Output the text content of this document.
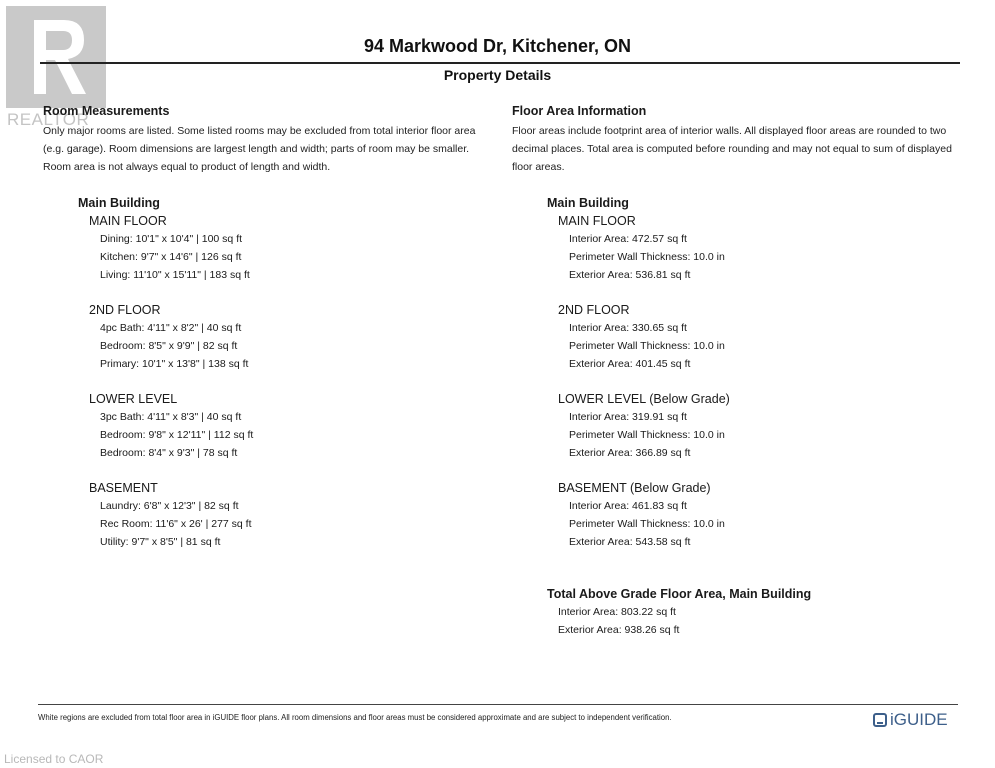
REALTOR
94 Markwood Dr, Kitchener, ON
Property Details
Room Measurements
Only major rooms are listed. Some listed rooms may be excluded from total interior floor area (e.g. garage). Room dimensions are largest length and width; parts of room may be smaller. Room area is not always equal to product of length and width.
Main Building
MAIN FLOOR
Dining: 10'1" x 10'4" | 100 sq ft
Kitchen: 9'7" x 14'6" | 126 sq ft
Living: 11'10" x 15'11" | 183 sq ft
2ND FLOOR
4pc Bath: 4'11" x 8'2" | 40 sq ft
Bedroom: 8'5" x 9'9" | 82 sq ft
Primary: 10'1" x 13'8" | 138 sq ft
LOWER LEVEL
3pc Bath: 4'11" x 8'3" | 40 sq ft
Bedroom: 9'8" x 12'11" | 112 sq ft
Bedroom: 8'4" x 9'3" | 78 sq ft
BASEMENT
Laundry: 6'8" x 12'3" | 82 sq ft
Rec Room: 11'6" x 26' | 277 sq ft
Utility: 9'7" x 8'5" | 81 sq ft
Floor Area Information
Floor areas include footprint area of interior walls. All displayed floor areas are rounded to two decimal places. Total area is computed before rounding and may not equal to sum of displayed floor areas.
Main Building
MAIN FLOOR
Interior Area: 472.57 sq ft
Perimeter Wall Thickness: 10.0 in
Exterior Area: 536.81 sq ft
2ND FLOOR
Interior Area: 330.65 sq ft
Perimeter Wall Thickness: 10.0 in
Exterior Area: 401.45 sq ft
LOWER LEVEL (Below Grade)
Interior Area: 319.91 sq ft
Perimeter Wall Thickness: 10.0 in
Exterior Area: 366.89 sq ft
BASEMENT (Below Grade)
Interior Area: 461.83 sq ft
Perimeter Wall Thickness: 10.0 in
Exterior Area: 543.58 sq ft
Total Above Grade Floor Area, Main Building
Interior Area: 803.22 sq ft
Exterior Area: 938.26 sq ft
White regions are excluded from total floor area in iGUIDE floor plans. All room dimensions and floor areas must be considered approximate and are subject to independent verification.	iGUIDE
Licensed to CAOR
